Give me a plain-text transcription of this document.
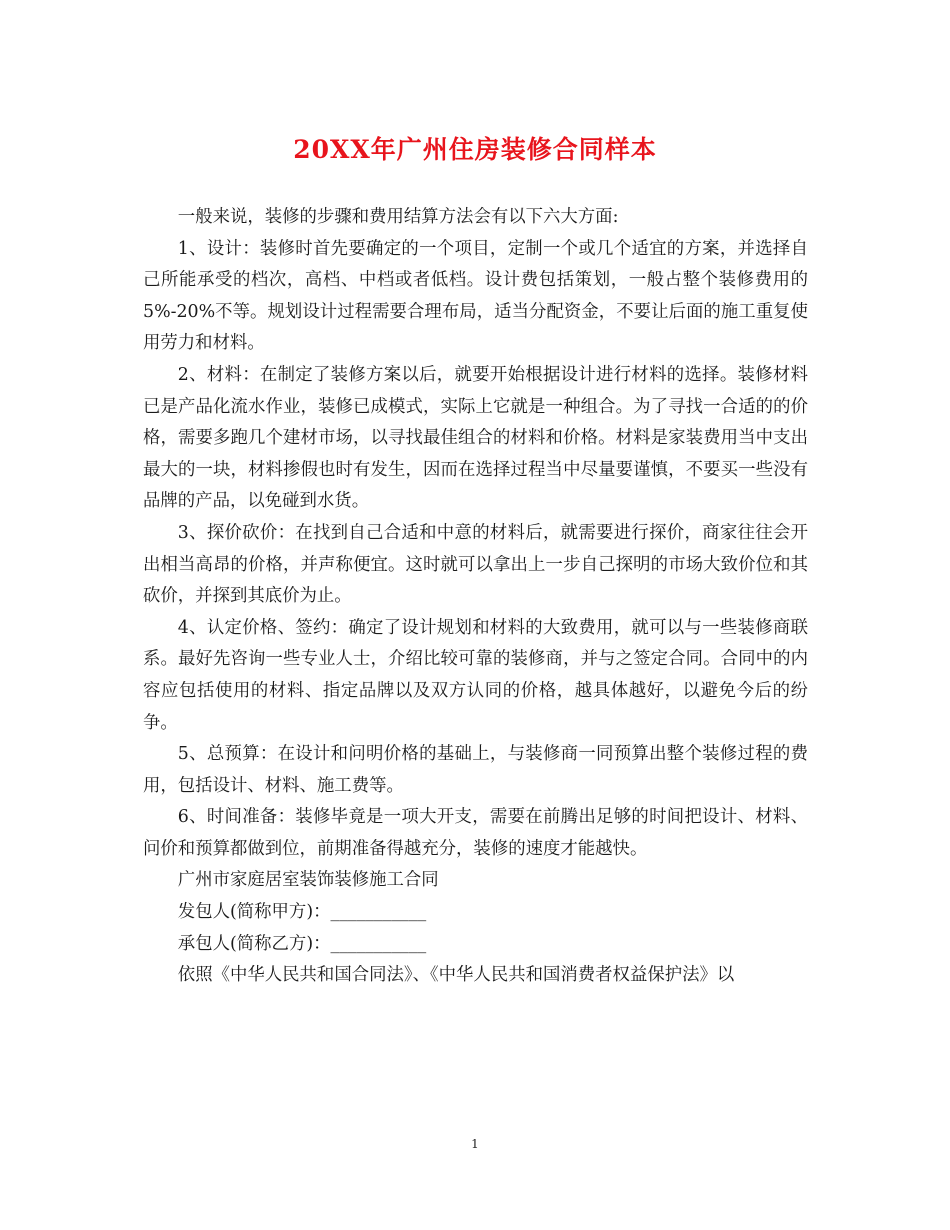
20XX年广州住房装修合同样本

一般来说，装修的步骤和费用结算方法会有以下六大方面:

1、设计：装修时首先要确定的一个项目，定制一个或几个适宜的方案，并选择自己所能承受的档次，高档、中档或者低档。设计费包括策划，一般占整个装修费用的5%-20%不等。规划设计过程需要合理布局，适当分配资金，不要让后面的施工重复使用劳力和材料。

2、材料：在制定了装修方案以后，就要开始根据设计进行材料的选择。装修材料已是产品化流水作业，装修已成模式，实际上它就是一种组合。为了寻找一合适的的价格，需要多跑几个建材市场，以寻找最佳组合的材料和价格。材料是家装费用当中支出最大的一块，材料掺假也时有发生，因而在选择过程当中尽量要谨慎，不要买一些没有品牌的产品，以免碰到水货。

3、探价砍价：在找到自己合适和中意的材料后，就需要进行探价，商家往往会开出相当高昂的价格，并声称便宜。这时就可以拿出上一步自己探明的市场大致价位和其砍价，并探到其底价为止。

4、认定价格、签约：确定了设计规划和材料的大致费用，就可以与一些装修商联系。最好先咨询一些专业人士，介绍比较可靠的装修商，并与之签定合同。合同中的内容应包括使用的材料、指定品牌以及双方认同的价格，越具体越好，以避免今后的纷争。

5、总预算：在设计和问明价格的基础上，与装修商一同预算出整个装修过程的费用，包括设计、材料、施工费等。

6、时间准备：装修毕竟是一项大开支，需要在前腾出足够的时间把设计、材料、问价和预算都做到位，前期准备得越充分，装修的速度才能越快。

广州市家庭居室装饰装修施工合同

发包人(简称甲方)：___________

承包人(简称乙方)：___________

依照《中华人民共和国合同法》、《中华人民共和国消费者权益保护法》以

1
